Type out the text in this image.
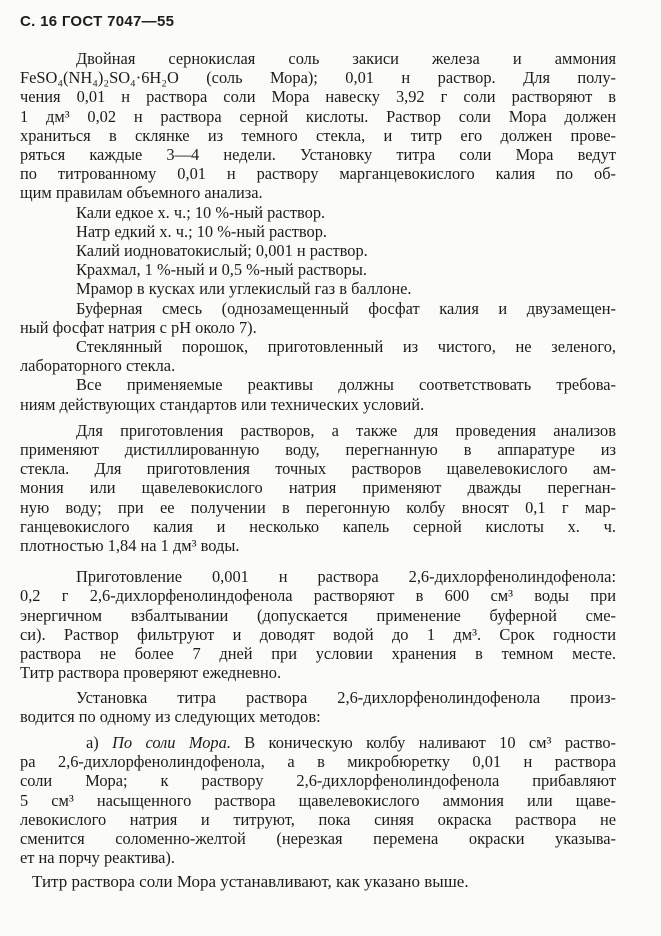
С. 16 ГОСТ 7047—55
Двойная сернокислая соль закиси железа и аммония
FeSO₄(NH₄)₂SO₄·6H₂O (соль Мора); 0,01 н раствор. Для полу-
чения 0,01 н раствора соли Мора навеску 3,92 г соли растворяют в
1 дм³ 0,02 н раствора серной кислоты. Раствор соли Мора должен
храниться в склянке из темного стекла, и титр его должен прове-
ряться каждые 3—4 недели. Установку титра соли Мора ведут
по титрованному 0,01 н раствору марганцевокислого калия по об-
щим правилам объемного анализа.
Кали едкое х. ч.; 10 %-ный раствор.
Натр едкий х. ч.; 10 %-ный раствор.
Калий иодноватокислый; 0,001 н раствор.
Крахмал, 1 %-ный и 0,5 %-ный растворы.
Мрамор в кусках или углекислый газ в баллоне.
Буферная смесь (однозамещенный фосфат калия и двузамещен-
ный фосфат натрия с pH около 7).
Стеклянный порошок, приготовленный из чистого, не зеленого,
лабораторного стекла.
Все применяемые реактивы должны соответствовать требова-
ниям действующих стандартов или технических условий.
Для приготовления растворов, а также для проведения анализов
применяют дистиллированную воду, перегнанную в аппаратуре из
стекла. Для приготовления точных растворов щавелевокислого ам-
мония или щавелевокислого натрия применяют дважды перегнан-
ную воду; при ее получении в перегонную колбу вносят 0,1 г мар-
ганцевокислого калия и несколько капель серной кислоты х. ч.
плотностью 1,84 на 1 дм³ воды.
Приготовление 0,001 н раствора 2,6-дихлорфенолиндофенола:
0,2 г 2,6-дихлорфенолиндофенола растворяют в 600 см³ воды при
энергичном взбалтывании (допускается применение буферной сме-
си). Раствор фильтруют и доводят водой до 1 дм³. Срок годности
раствора не более 7 дней при условии хранения в темном месте.
Титр раствора проверяют ежедневно.
Установка титра раствора 2,6-дихлорфенолиндофенола произ-
водится по одному из следующих методов:
а) По соли Мора. В коническую колбу наливают 10 см³ раство-
ра 2,6-дихлорфенолиндофенола, а в микробюретку 0,01 н раствора
соли Мора; к раствору 2,6-дихлорфенолиндофенола прибавляют
5 см³ насыщенного раствора щавелевокислого аммония или щаве-
левокислого натрия и титруют, пока синяя окраска раствора не
сменится соломенно-желтой (нерезкая перемена окраски указыва-
ет на порчу реактива).
Титр раствора соли Мора устанавливают, как указано выше.
